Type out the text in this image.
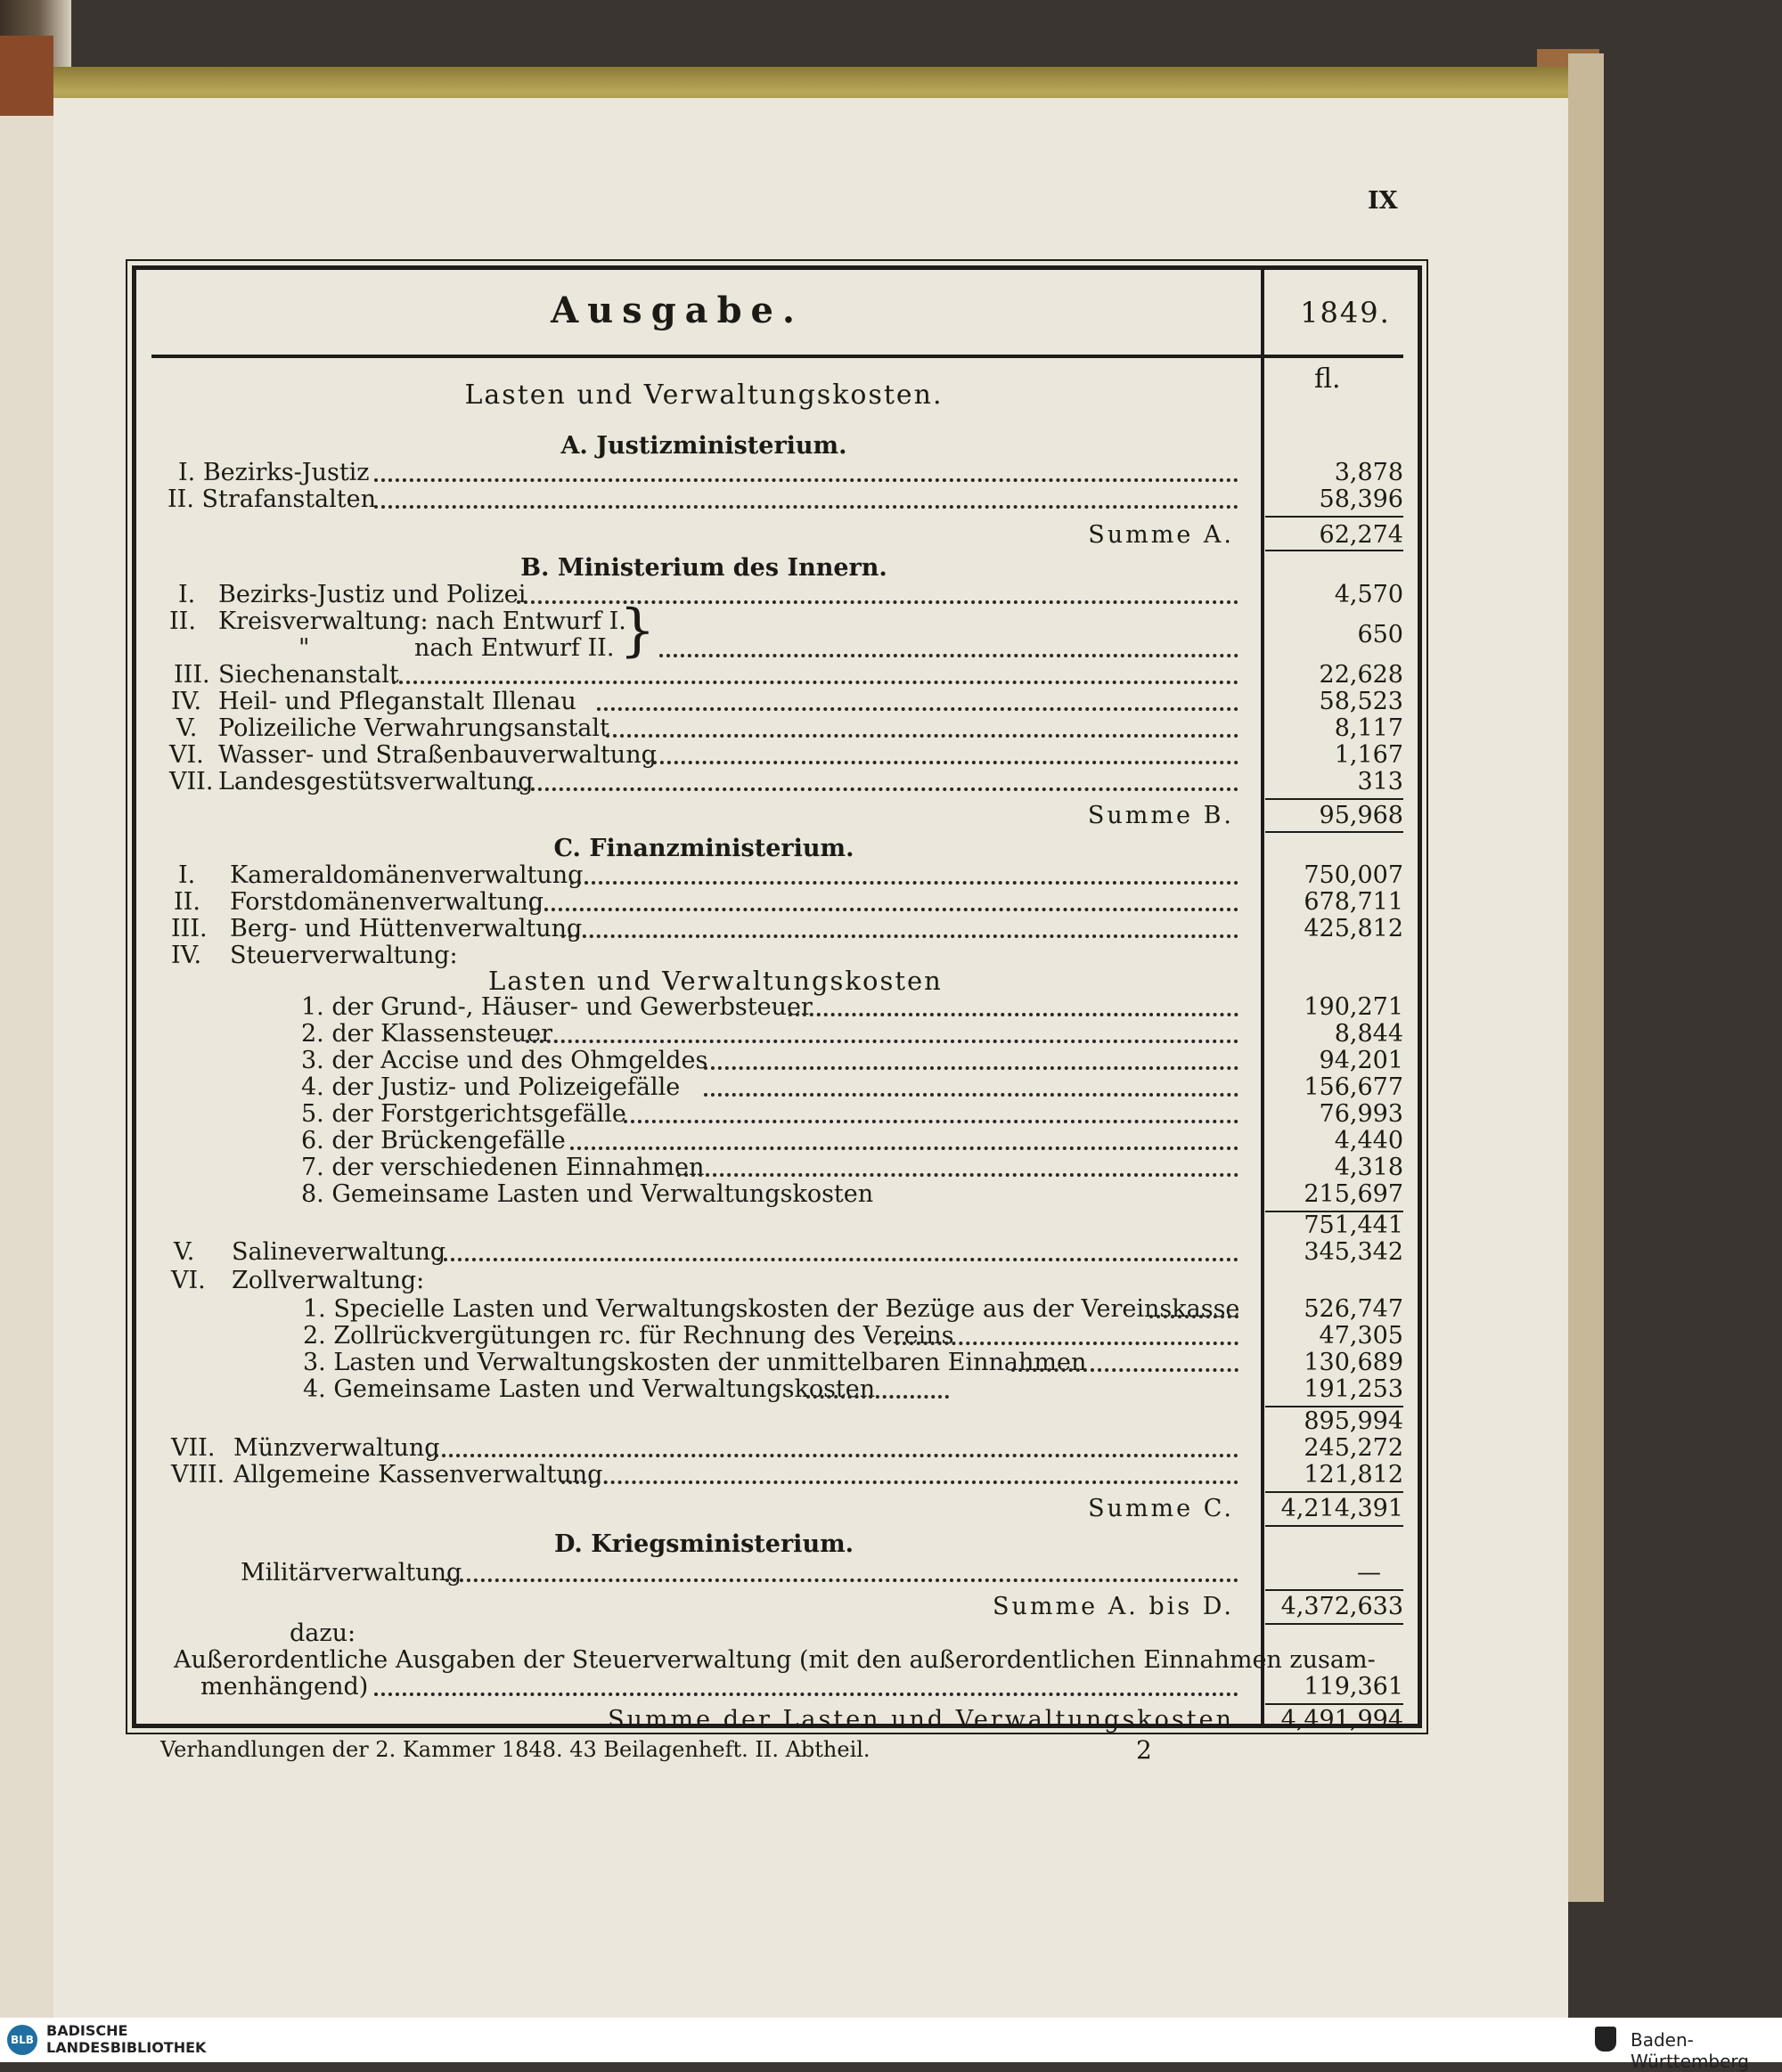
IX
Ausgabe.	1849.
fl.
Lasten und Verwaltungskosten.
A. Justizministerium.
I. Bezirks-Justiz	3,878
II. Strafanstalten	58,396
Summe A.	62,274
B. Ministerium des Innern.
I. Bezirks-Justiz und Polizei	4,570
II. Kreisverwaltung: nach Entwurf I.
"	nach Entwurf II. }	650
III. Siechenanstalt	22,628
IV. Heil- und Pfleganstalt Illenau	58,523
V. Polizeiliche Verwahrungsanstalt	8,117
VI. Wasser- und Straßenbauverwaltung	1,167
VII. Landesgestütsverwaltung	313
Summe B.	95,968
C. Finanzministerium.
I. Kameraldomänenverwaltung	750,007
II. Forstdomänenverwaltung	678,711
III. Berg- und Hüttenverwaltung	425,812
IV. Steuerverwaltung:
Lasten und Verwaltungskosten
1. der Grund-, Häuser- und Gewerbsteuer	190,271
2. der Klassensteuer	8,844
3. der Accise und des Ohmgeldes	94,201
4. der Justiz- und Polizeigefälle	156,677
5. der Forstgerichtsgefälle	76,993
6. der Brückengefälle	4,440
7. der verschiedenen Einnahmen	4,318
8. Gemeinsame Lasten und Verwaltungskosten	215,697
751,441
V. Salineverwaltung	345,342
VI. Zollverwaltung:
1. Specielle Lasten und Verwaltungskosten der Bezüge aus der Vereinskasse	526,747
2. Zollrückvergütungen rc. für Rechnung des Vereins	47,305
3. Lasten und Verwaltungskosten der unmittelbaren Einnahmen	130,689
4. Gemeinsame Lasten und Verwaltungskosten	191,253
895,994
VII. Münzverwaltung	245,272
VIII. Allgemeine Kassenverwaltung	121,812
Summe C.	4,214,391
D. Kriegsministerium.
Militärverwaltung	—
Summe A. bis D.	4,372,633
dazu:
Außerordentliche Ausgaben der Steuerverwaltung (mit den außerordentlichen Einnahmen zusam-
menhängend)	119,361
Summe der Lasten und Verwaltungskosten	4,491,994
Verhandlungen der 2. Kammer 1848. 43 Beilagenheft. II. Abtheil.	2
BLB
BADISCHE
LANDESBIBLIOTHEK	Baden-Württemberg
